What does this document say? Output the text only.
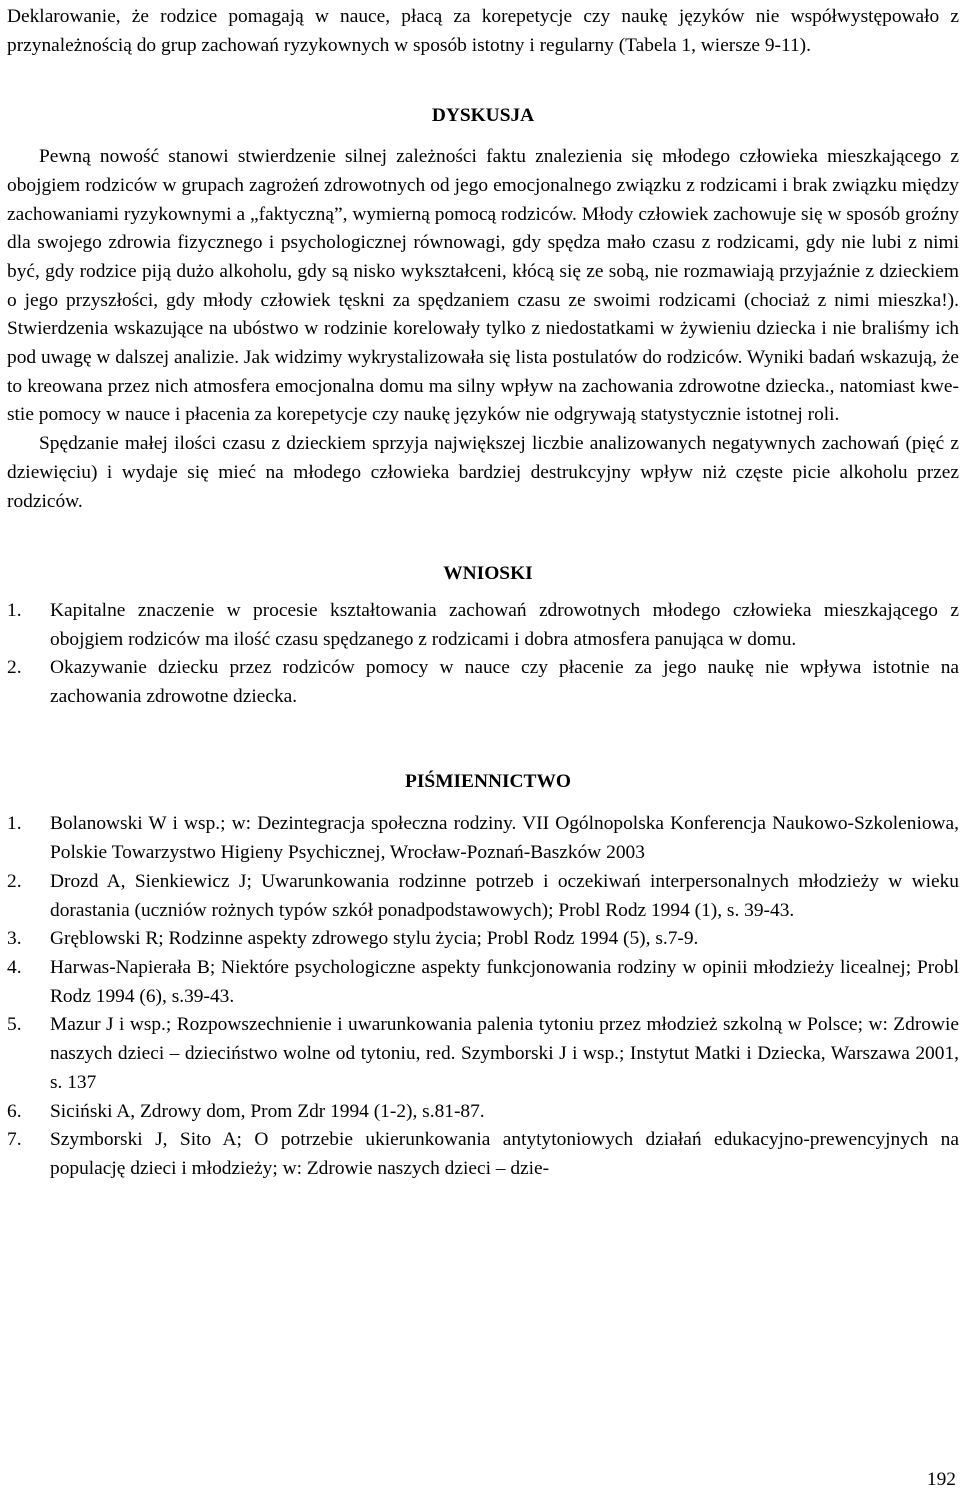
Deklarowanie, że rodzice pomagają w nauce, płacą za korepetycje czy naukę języków nie współwystępowało z przynależnością do grup zachowań ryzykownych w sposób istotny i regularny (Tabela 1, wiersze 9-11).

DYSKUSJA

Pewną nowość stanowi stwierdzenie silnej zależności faktu znalezienia się młodego człowieka mieszkającego z obojgiem rodziców w grupach zagrożeń zdrowotnych od jego emocjonalnego związku z rodzicami i brak związku między zachowaniami ryzykownymi a „faktyczną”, wymierną pomocą rodziców. Młody człowiek zachowuje się w sposób groźny dla swojego zdrowia fizycznego i psychologicznej równowagi, gdy spędza mało czasu z rodzicami, gdy nie lubi z nimi być, gdy rodzice piją dużo alkoholu, gdy są nisko wykształceni, kłócą się ze sobą, nie rozmawiają przyjaźnie z dzieckiem o jego przyszłości, gdy młody człowiek tęskni za spędzaniem czasu ze swoimi rodzicami (chociaż z nimi mieszka!). Stwierdzenia wskazujące na ubóstwo w rodzinie korelowały tylko z niedostatkami w żywieniu dziecka i nie braliśmy ich pod uwagę w dalszej analizie. Jak widzimy wykrystalizowała się lista postulatów do rodziców. Wyniki badań wskazują, że to kreowana przez nich atmosfera emocjonalna domu ma silny wpływ na zachowania zdrowotne dziecka., natomiast kwestie pomocy w nauce i płacenia za korepetycje czy naukę języków nie odgrywają statystycznie istotnej roli.

Spędzanie małej ilości czasu z dzieckiem sprzyja największej liczbie analizowanych negatywnych zachowań (pięć z dziewięciu) i wydaje się mieć na młodego człowieka bardziej destrukcyjny wpływ niż częste picie alkoholu przez rodziców.

WNIOSKI
1. Kapitalne znaczenie w procesie kształtowania zachowań zdrowotnych młodego człowieka mieszkającego z obojgiem rodziców ma ilość czasu spędzanego z rodzicami i dobra atmosfera panująca w domu.
2. Okazywanie dziecku przez rodziców pomocy w nauce czy płacenie za jego naukę nie wpływa istotnie na zachowania zdrowotne dziecka.
PIŚMIENNICTWO
1. Bolanowski W i wsp.; w: Dezintegracja społeczna rodziny. VII Ogólnopolska Konferencja Naukowo-Szkoleniowa, Polskie Towarzystwo Higieny Psychicznej, Wrocław-Poznań-Baszków 2003
2. Drozd A, Sienkiewicz J; Uwarunkowania rodzinne potrzeb i oczekiwań interpersonalnych młodzieży w wieku dorastania (uczniów rożnych typów szkół ponadpodstawowych); Probl Rodz 1994 (1), s. 39-43.
3. Gręblowski R; Rodzinne aspekty zdrowego stylu życia; Probl Rodz 1994 (5), s.7-9.
4. Harwas-Napierała B; Niektóre psychologiczne aspekty funkcjonowania rodziny w opinii młodzieży licealnej; Probl Rodz 1994 (6), s.39-43.
5. Mazur J i wsp.; Rozpowszechnienie i uwarunkowania palenia tytoniu przez młodzież szkolną w Polsce; w: Zdrowie naszych dzieci – dzieciństwo wolne od tytoniu, red. Szymborski J i wsp.; Instytut Matki i Dziecka, Warszawa 2001, s. 137
6. Siciński A, Zdrowy dom, Prom Zdr 1994 (1-2), s.81-87.
7. Szymborski J, Sito A; O potrzebie ukierunkowania antytytoniowych działań edukacyjno-prewencyjnych na populację dzieci i młodzieży; w: Zdrowie naszych dzieci – dzie-
192
